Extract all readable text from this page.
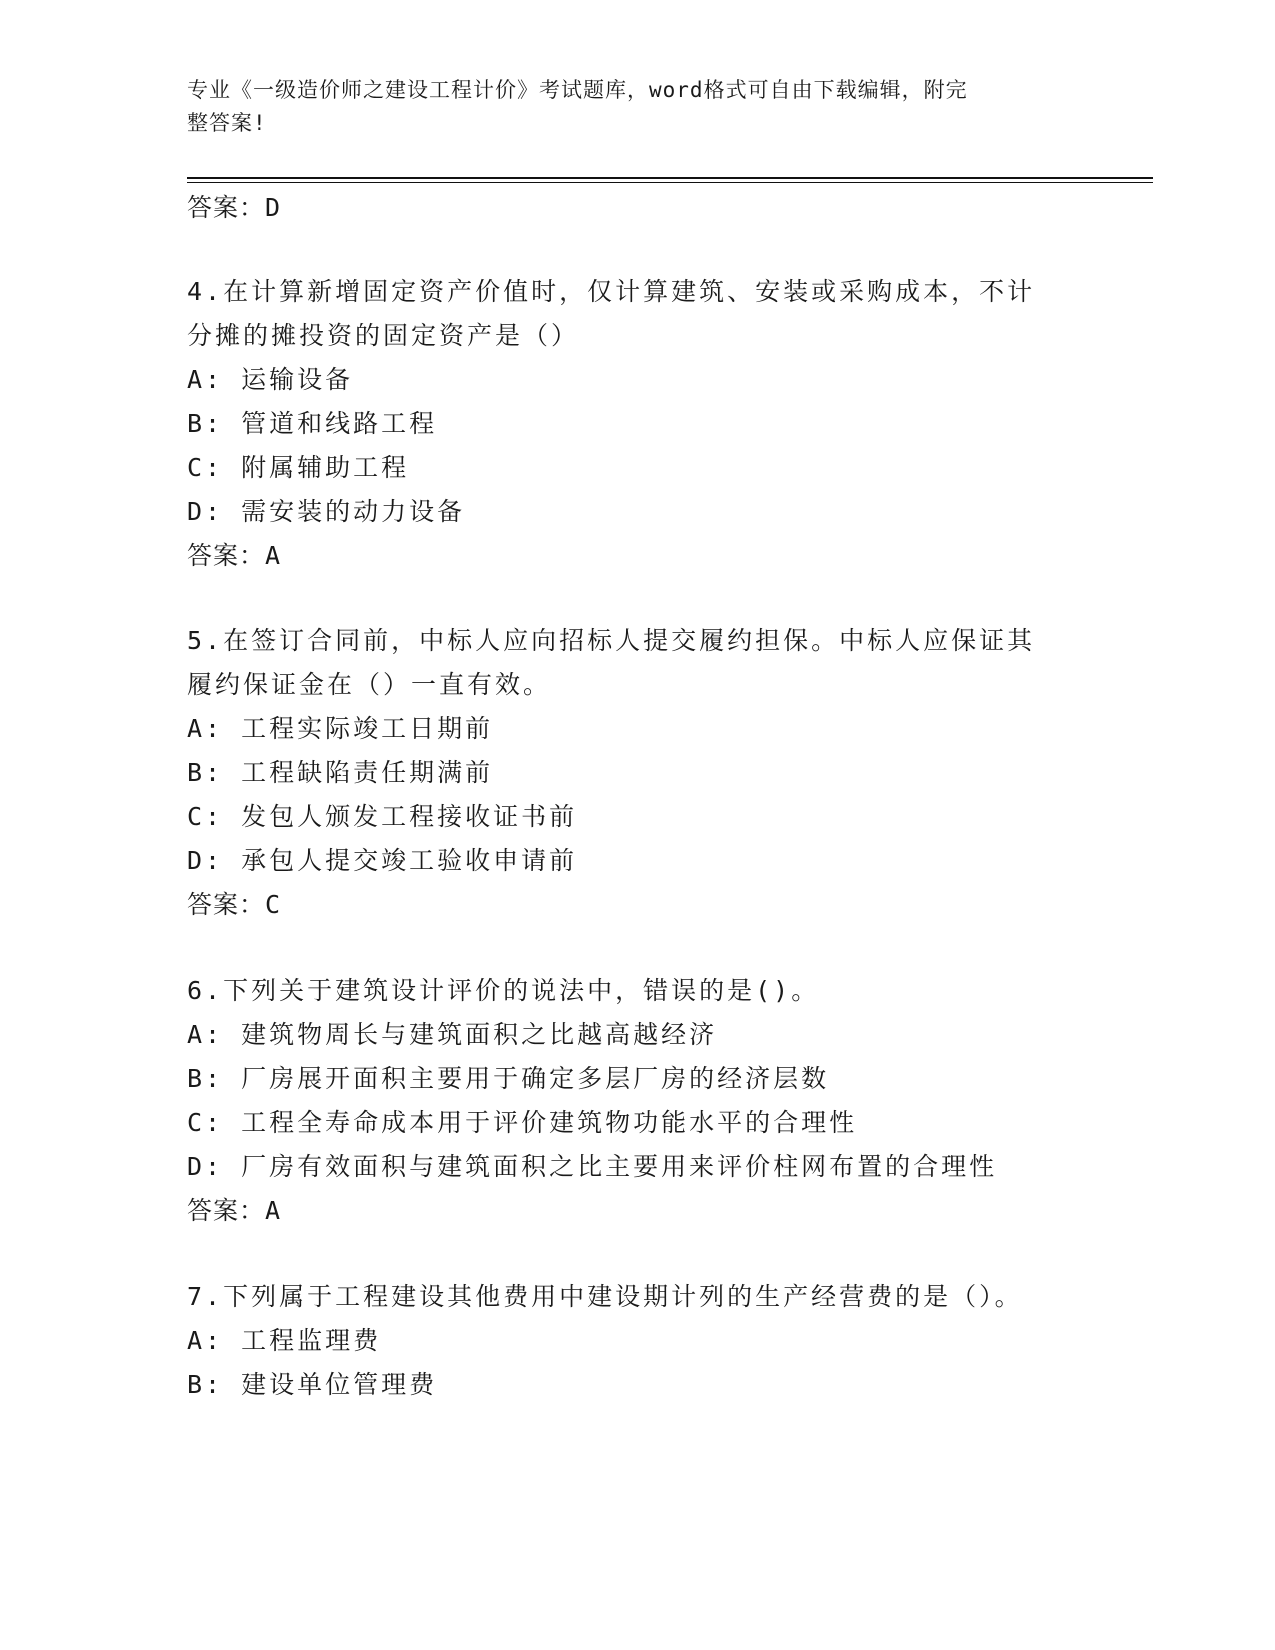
专业《一级造价师之建设工程计价》考试题库，word格式可自由下载编辑，附完
整答案!
答案：D
4.在计算新增固定资产价值时，仅计算建筑、安装或采购成本，不计
分摊的摊投资的固定资产是（）
A: 运输设备
B: 管道和线路工程
C: 附属辅助工程
D: 需安装的动力设备
答案：A
5.在签订合同前，中标人应向招标人提交履约担保。中标人应保证其
履约保证金在（）一直有效。
A: 工程实际竣工日期前
B: 工程缺陷责任期满前
C: 发包人颁发工程接收证书前
D: 承包人提交竣工验收申请前
答案：C
6.下列关于建筑设计评价的说法中，错误的是()。
A: 建筑物周长与建筑面积之比越高越经济
B: 厂房展开面积主要用于确定多层厂房的经济层数
C: 工程全寿命成本用于评价建筑物功能水平的合理性
D: 厂房有效面积与建筑面积之比主要用来评价柱网布置的合理性
答案：A
7.下列属于工程建设其他费用中建设期计列的生产经营费的是（）。
A: 工程监理费
B: 建设单位管理费
